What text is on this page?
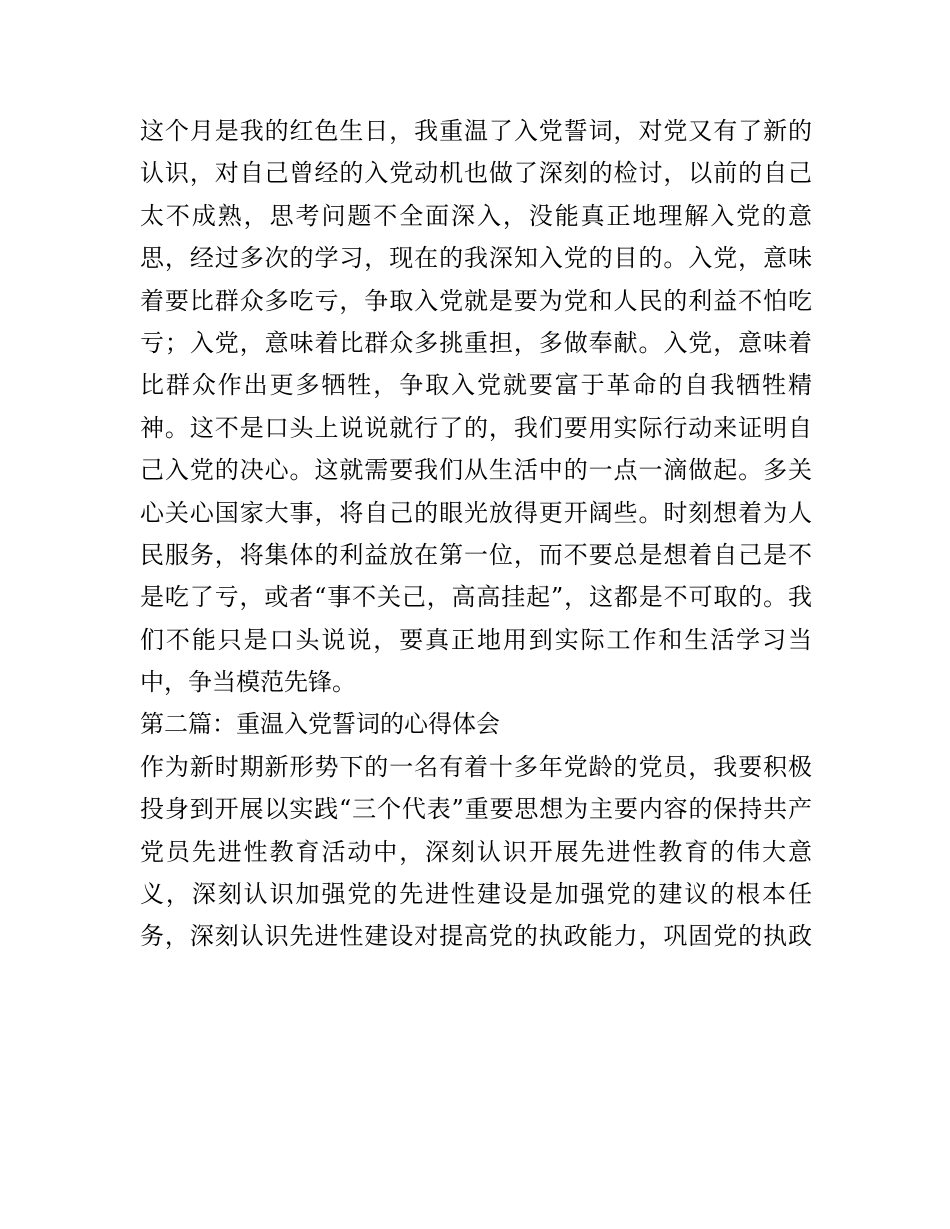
这个月是我的红色生日，我重温了入党誓词，对党又有了新的
认识，对自己曾经的入党动机也做了深刻的检讨，以前的自己
太不成熟，思考问题不全面深入，没能真正地理解入党的意
思，经过多次的学习，现在的我深知入党的目的。入党，意味
着要比群众多吃亏，争取入党就是要为党和人民的利益不怕吃
亏；入党，意味着比群众多挑重担，多做奉献。入党，意味着
比群众作出更多牺牲，争取入党就要富于革命的自我牺牲精
神。这不是口头上说说就行了的，我们要用实际行动来证明自
己入党的决心。这就需要我们从生活中的一点一滴做起。多关
心关心国家大事，将自己的眼光放得更开阔些。时刻想着为人
民服务，将集体的利益放在第一位，而不要总是想着自己是不
是吃了亏，或者“事不关己，高高挂起”，这都是不可取的。我
们不能只是口头说说，要真正地用到实际工作和生活学习当
中，争当模范先锋。
第二篇：重温入党誓词的心得体会
作为新时期新形势下的一名有着十多年党龄的党员，我要积极
投身到开展以实践“三个代表”重要思想为主要内容的保持共产
党员先进性教育活动中，深刻认识开展先进性教育的伟大意
义，深刻认识加强党的先进性建设是加强党的建议的根本任
务，深刻认识先进性建设对提高党的执政能力，巩固党的执政
